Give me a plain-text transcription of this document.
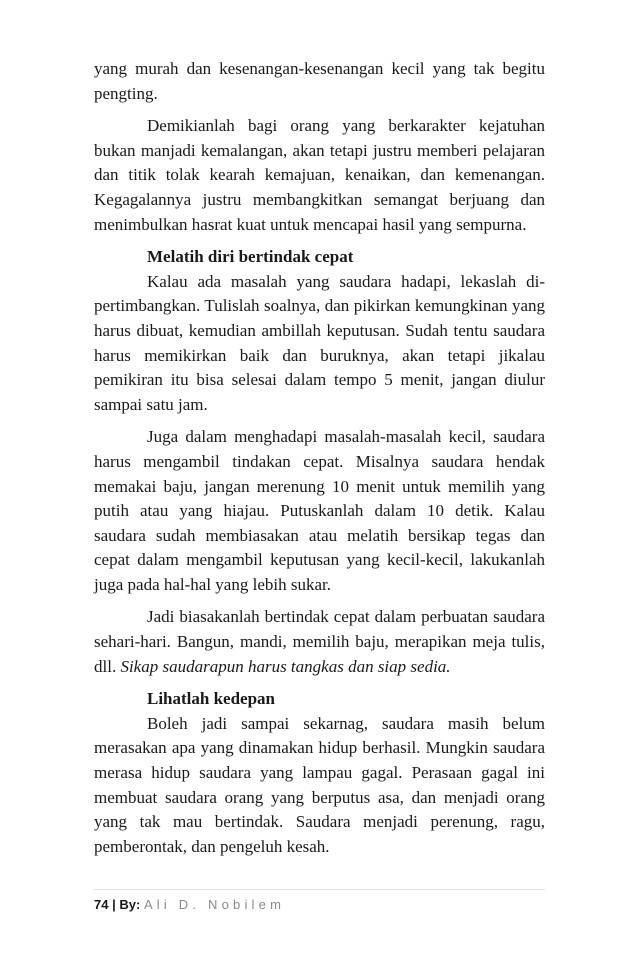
yang murah dan kesenangan-kesenangan kecil yang tak begitu pengting.

Demikianlah bagi orang yang berkarakter kejatuhan bukan manjadi kemalangan, akan tetapi justru memberi pelajaran dan titik tolak kearah kemajuan, kenaikan, dan kemenangan. Kegagalannya justru membangkitkan semangat berjuang dan menimbulkan hasrat kuat untuk mencapai hasil yang sempurna.

Melatih diri bertindak cepat

Kalau ada masalah yang saudara hadapi, lekaslah di-pertimbangkan. Tulislah soalnya, dan pikirkan kemungkinan yang harus dibuat, kemudian ambillah keputusan. Sudah tentu saudara harus memikirkan baik dan buruknya, akan tetapi jikalau pemikiran itu bisa selesai dalam tempo 5 menit, jangan diulur sampai satu jam.

Juga dalam menghadapi masalah-masalah kecil, saudara harus mengambil tindakan cepat. Misalnya saudara hendak memakai baju, jangan merenung 10 menit untuk memilih yang putih atau yang hiajau. Putuskanlah dalam 10 detik. Kalau saudara sudah membiasakan atau melatih bersikap tegas dan cepat dalam mengambil keputusan yang kecil-kecil, lakukanlah juga pada hal-hal yang lebih sukar.

Jadi biasakanlah bertindak cepat dalam perbuatan saudara sehari-hari. Bangun, mandi, memilih baju, merapikan meja tulis, dll. Sikap saudarapun harus tangkas dan siap sedia.

Lihatlah kedepan

Boleh jadi sampai sekarnag, saudara masih belum merasakan apa yang dinamakan hidup berhasil. Mungkin saudara merasa hidup saudara yang lampau gagal. Perasaan gagal ini membuat saudara orang yang berputus asa, dan menjadi orang yang tak mau bertindak. Saudara menjadi perenung, ragu, pemberontak, dan pengeluh kesah.

74 | By: Ali D. Nobilem
